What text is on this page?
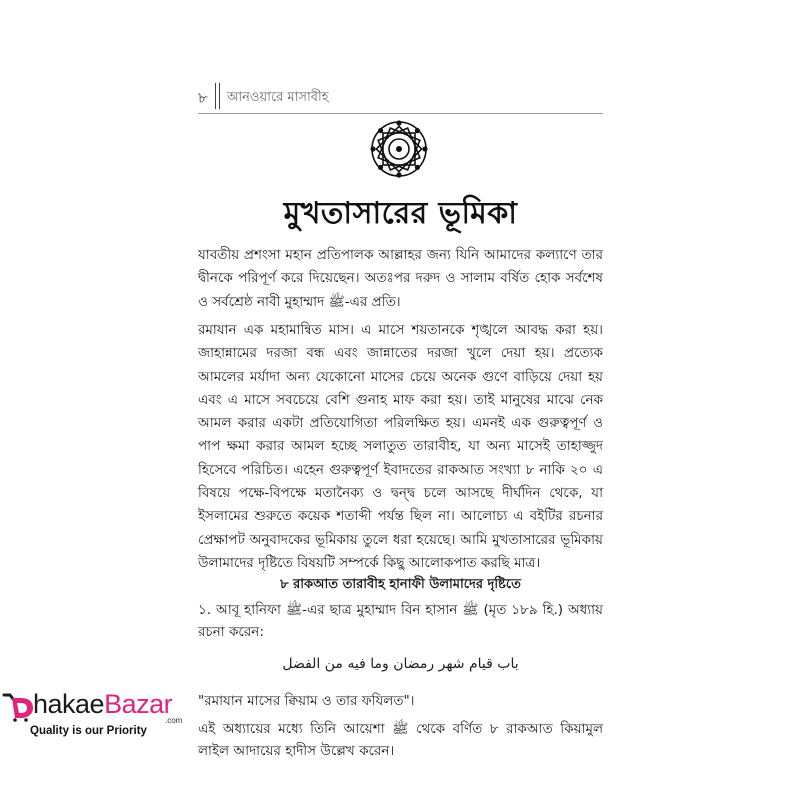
৮ আনওয়ারে মাসাবীহ
মুখতাসারের ভূমিকা

যাবতীয় প্রশংসা মহান প্রতিপালক আল্লাহর জন্য যিনি আমাদের কল্যাণে তার দ্বীনকে পরিপূর্ণ করে দিয়েছেন। অতঃপর দরুদ ও সালাম বর্ষিত হোক সর্বশেষ ও সর্বশ্রেষ্ঠ নাবী মুহাম্মাদ ﷺ-এর প্রতি।

রমাযান এক মহামান্বিত মাস। এ মাসে শয়তানকে শৃঙ্খলে আবদ্ধ করা হয়। জাহান্নামের দরজা বন্ধ এবং জান্নাতের দরজা খুলে দেয়া হয়। প্রত্যেক আমলের মর্যাদা অন্য যেকোনো মাসের চেয়ে অনেক গুণে বাড়িয়ে দেয়া হয় এবং এ মাসে সবচেয়ে বেশি গুনাহ মাফ করা হয়। তাই মানুষের মাঝে নেক আমল করার একটা প্রতিযোগিতা পরিলক্ষিত হয়। এমনই এক গুরুত্বপূর্ণ ও পাপ ক্ষমা করার আমল হচ্ছে সলাতুত তারাবীহ, যা অন্য মাসেই তাহাজ্জুদ হিসেবে পরিচিত। এহেন গুরুত্বপূর্ণ ইবাদতের রাকআত সংখ্যা ৮ নাকি ২০ এ বিষয়ে পক্ষে-বিপক্ষে মতানৈক্য ও দ্বন্দ্ব চলে আসছে দীর্ঘদিন থেকে, যা ইসলামের শুরুতে কয়েক শতাব্দী পর্যন্ত ছিল না। আলোচ্য এ বইটির রচনার প্রেক্ষাপট অনুবাদকের ভূমিকায় তুলে ধরা হয়েছে। আমি মুখতাসারের ভূমিকায় উলামাদের দৃষ্টিতে বিষয়টি সম্পর্কে কিছু আলোকপাত করছি মাত্র।

৮ রাকআত তারাবীহ হানাফী উলামাদের দৃষ্টিতে

১. আবূ হানিফা ﷺ-এর ছাত্র মুহাম্মাদ বিন হাসান ﷺ (মৃত ১৮৯ হি.) অধ্যায় রচনা করেন:

باب قيام شهر رمضان وما فيه من الفضل

"রমাযান মাসের ক্বিয়াম ও তার ফযিলত"।

এই অধ্যায়ের মধ্যে তিনি আয়েশা ﷺ থেকে বর্ণিত ৮ রাকআত কিয়ামুল লাইল আদায়ের হাদীস উল্লেখ করেন।

hakaeBazar
.com
Quality is our Priority
